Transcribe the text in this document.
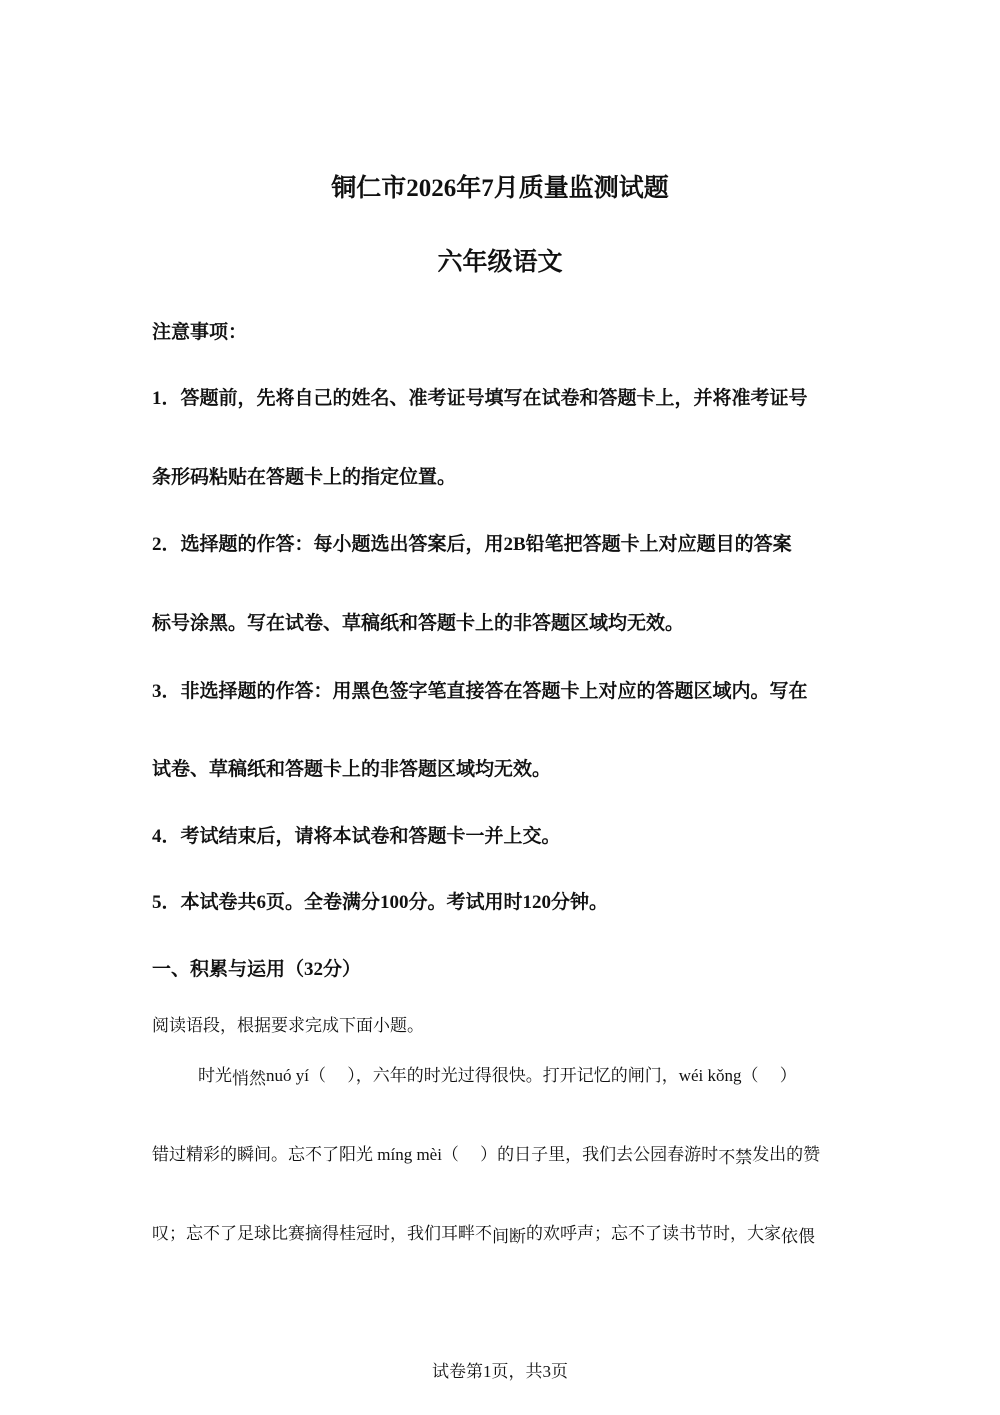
铜仁市2026年7月质量监测试题
六年级语文
注意事项：
1．答题前，先将自己的姓名、准考证号填写在试卷和答题卡上，并将准考证号
条形码粘贴在答题卡上的指定位置。
2．选择题的作答：每小题选出答案后，用2B铅笔把答题卡上对应题目的答案
标号涂黑。写在试卷、草稿纸和答题卡上的非答题区域均无效。
3．非选择题的作答：用黑色签字笔直接答在答题卡上对应的答题区域内。写在
试卷、草稿纸和答题卡上的非答题区域均无效。
4．考试结束后，请将本试卷和答题卡一并上交。
5．本试卷共6页。全卷满分100分。考试用时120分钟。
一、积累与运用（32分）
阅读语段，根据要求完成下面小题。
时光悄然nuó yí（　 ），六年的时光过得很快。打开记忆的闸门，wéi kǒng（　 ）
错过精彩的瞬间。忘不了阳光 míng mèi（　 ）的日子里，我们去公园春游时不禁发出的赞
叹；忘不了足球比赛摘得桂冠时，我们耳畔不间断的欢呼声；忘不了读书节时，大家依偎
试卷第1页，共3页
